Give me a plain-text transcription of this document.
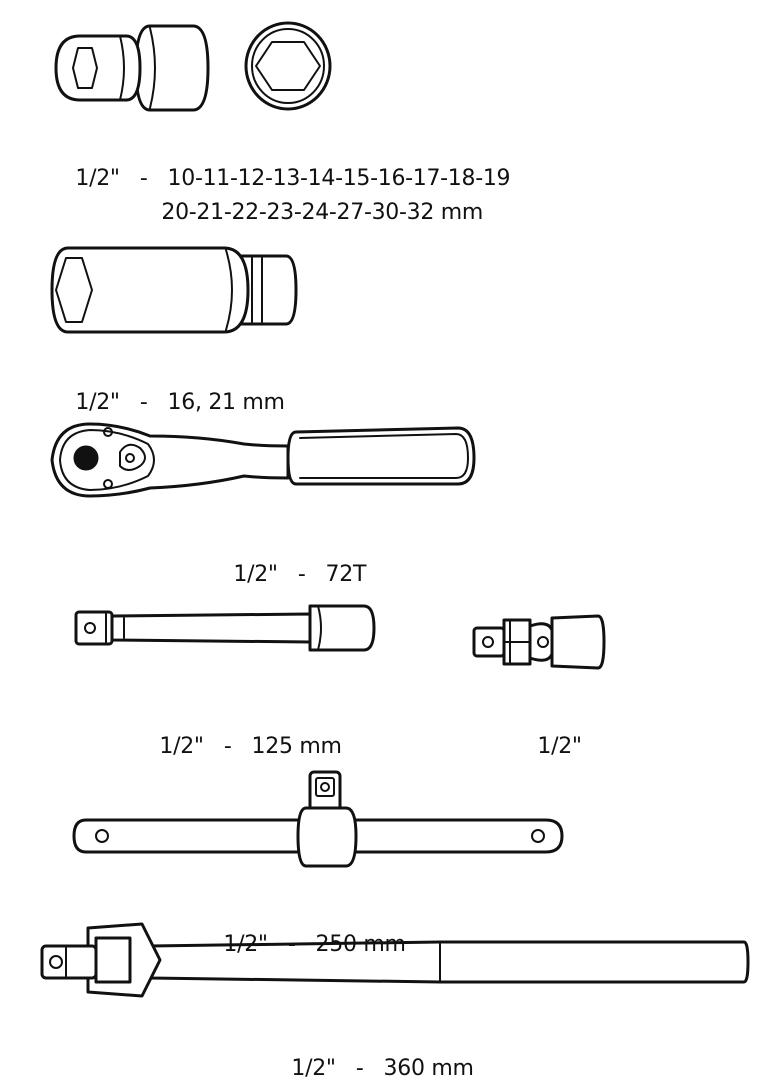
1/2" - 10-11-12-13-14-15-16-17-18-19

20-21-22-23-24-27-30-32 mm

1/2" - 16, 21 mm

1/2" - 72T

1/2" - 125 mm	1/2"

1/2" - 250 mm

1/2" - 360 mm
